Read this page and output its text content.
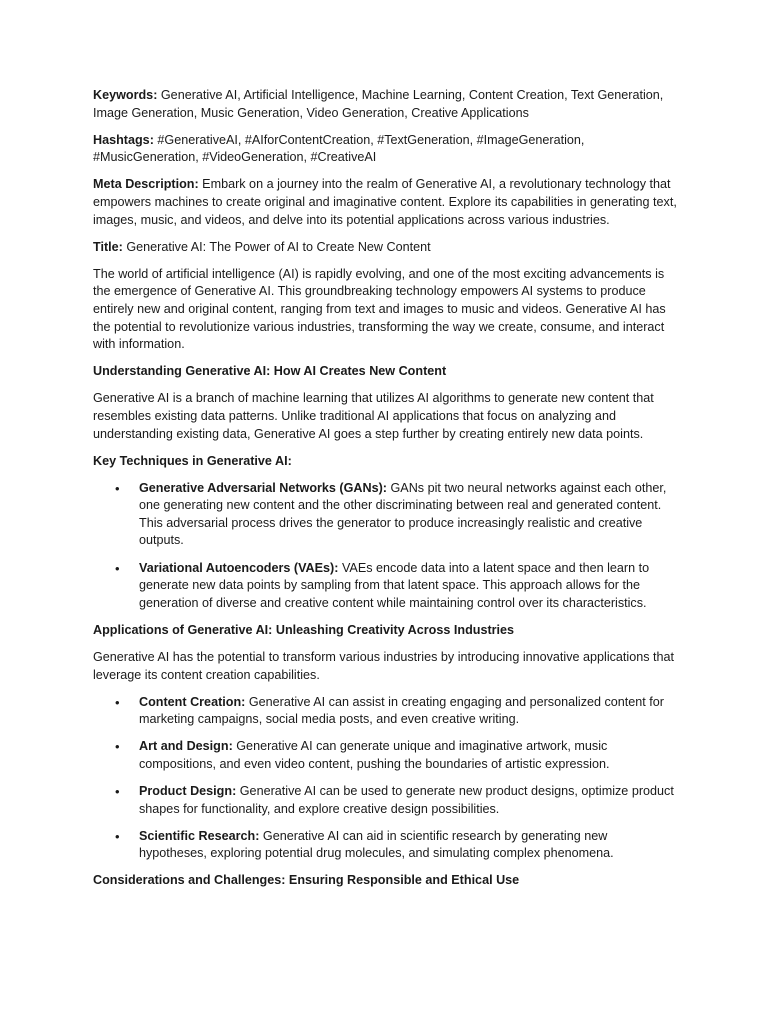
Keywords: Generative AI, Artificial Intelligence, Machine Learning, Content Creation, Text Generation, Image Generation, Music Generation, Video Generation, Creative Applications

Hashtags: #GenerativeAI, #AIforContentCreation, #TextGeneration, #ImageGeneration, #MusicGeneration, #VideoGeneration, #CreativeAI

Meta Description: Embark on a journey into the realm of Generative AI, a revolutionary technology that empowers machines to create original and imaginative content. Explore its capabilities in generating text, images, music, and videos, and delve into its potential applications across various industries.

Title: Generative AI: The Power of AI to Create New Content

The world of artificial intelligence (AI) is rapidly evolving, and one of the most exciting advancements is the emergence of Generative AI. This groundbreaking technology empowers AI systems to produce entirely new and original content, ranging from text and images to music and videos. Generative AI has the potential to revolutionize various industries, transforming the way we create, consume, and interact with information.

Understanding Generative AI: How AI Creates New Content

Generative AI is a branch of machine learning that utilizes AI algorithms to generate new content that resembles existing data patterns. Unlike traditional AI applications that focus on analyzing and understanding existing data, Generative AI goes a step further by creating entirely new data points.

Key Techniques in Generative AI:

• Generative Adversarial Networks (GANs): GANs pit two neural networks against each other, one generating new content and the other discriminating between real and generated content. This adversarial process drives the generator to produce increasingly realistic and creative outputs.
• Variational Autoencoders (VAEs): VAEs encode data into a latent space and then learn to generate new data points by sampling from that latent space. This approach allows for the generation of diverse and creative content while maintaining control over its characteristics.

Applications of Generative AI: Unleashing Creativity Across Industries

Generative AI has the potential to transform various industries by introducing innovative applications that leverage its content creation capabilities.

• Content Creation: Generative AI can assist in creating engaging and personalized content for marketing campaigns, social media posts, and even creative writing.
• Art and Design: Generative AI can generate unique and imaginative artwork, music compositions, and even video content, pushing the boundaries of artistic expression.
• Product Design: Generative AI can be used to generate new product designs, optimize product shapes for functionality, and explore creative design possibilities.
• Scientific Research: Generative AI can aid in scientific research by generating new hypotheses, exploring potential drug molecules, and simulating complex phenomena.

Considerations and Challenges: Ensuring Responsible and Ethical Use
